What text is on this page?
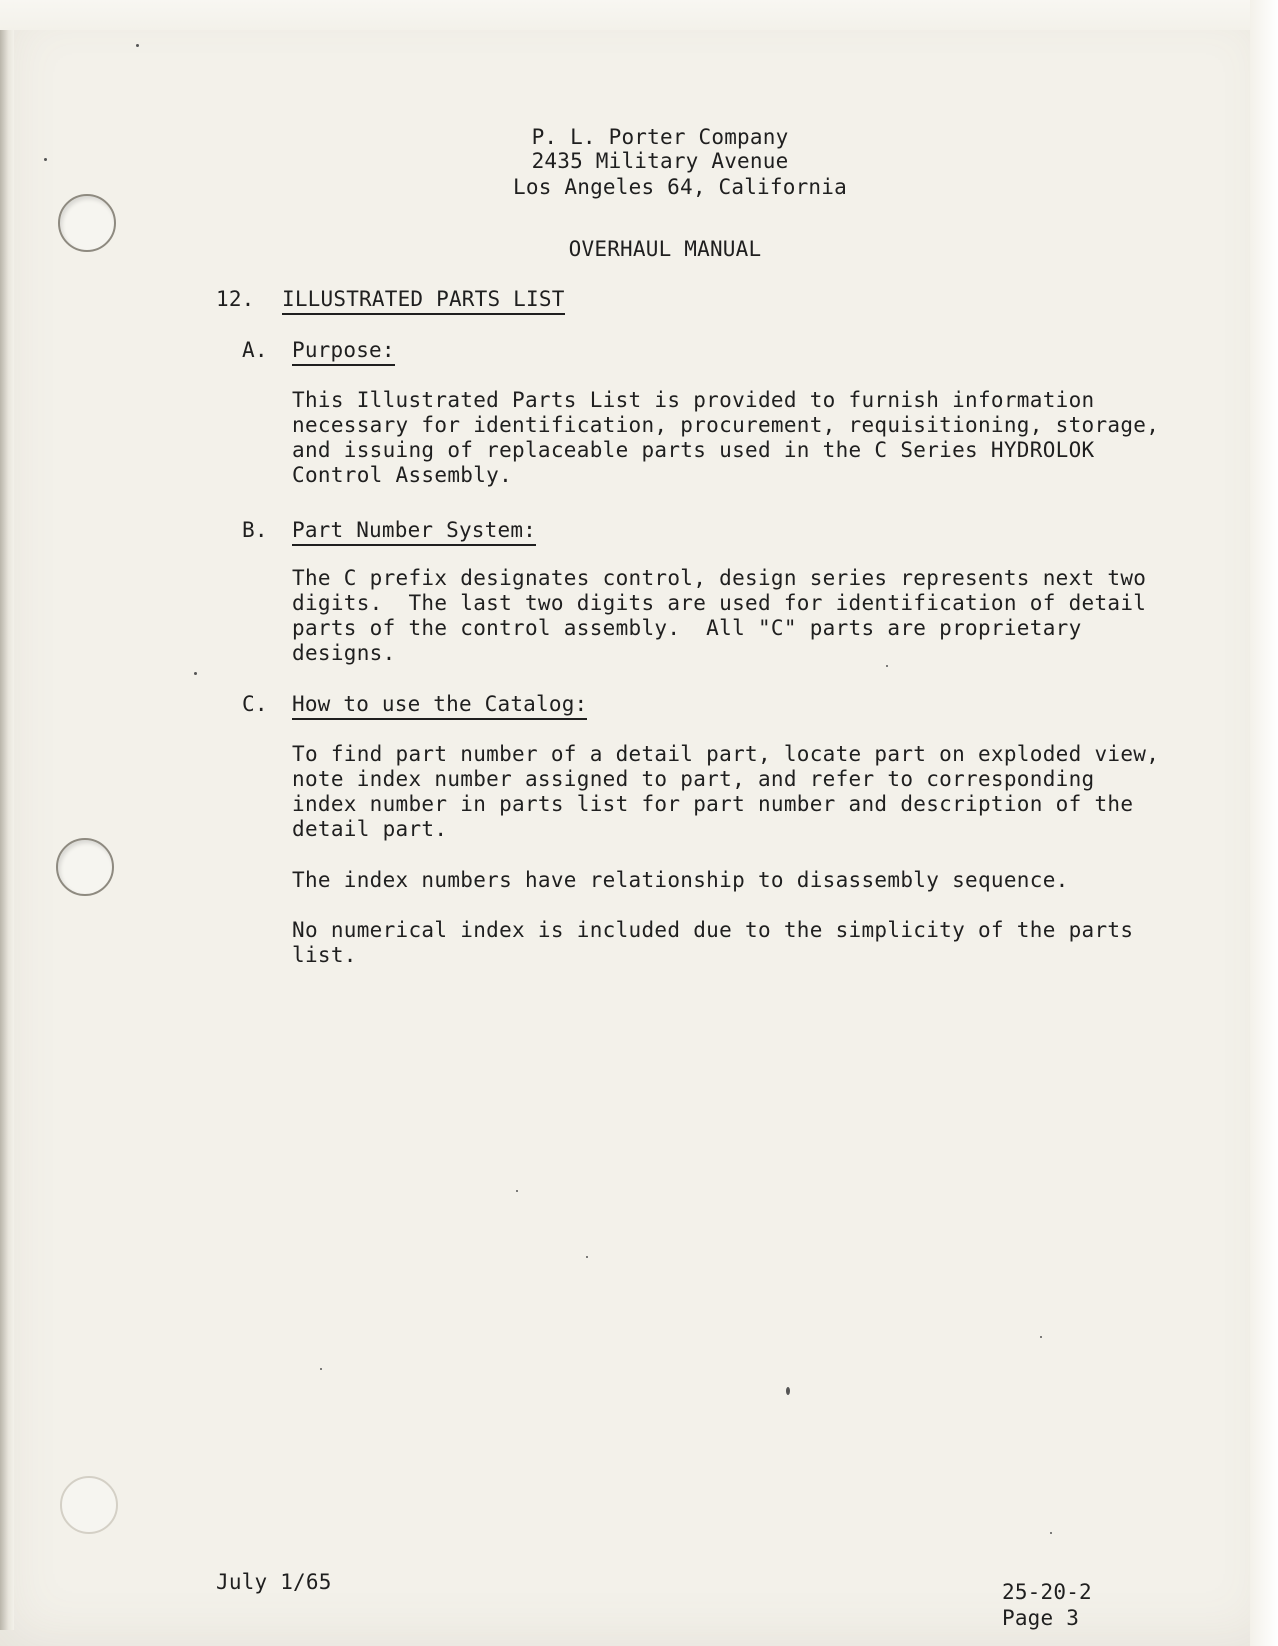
P. L. Porter Company
2435 Military Avenue
Los Angeles 64, California
OVERHAUL MANUAL
12. ILLUSTRATED PARTS LIST
A. Purpose:
This Illustrated Parts List is provided to furnish information
necessary for identification, procurement, requisitioning, storage,
and issuing of replaceable parts used in the C Series HYDROLOK
Control Assembly.
B. Part Number System:
The C prefix designates control, design series represents next two
digits.  The last two digits are used for identification of detail
parts of the control assembly.  All "C" parts are proprietary
designs.
C. How to use the Catalog:
To find part number of a detail part, locate part on exploded view,
note index number assigned to part, and refer to corresponding
index number in parts list for part number and description of the
detail part.
The index numbers have relationship to disassembly sequence.
No numerical index is included due to the simplicity of the parts
list.
July 1/65	25-20-2
Page 3
